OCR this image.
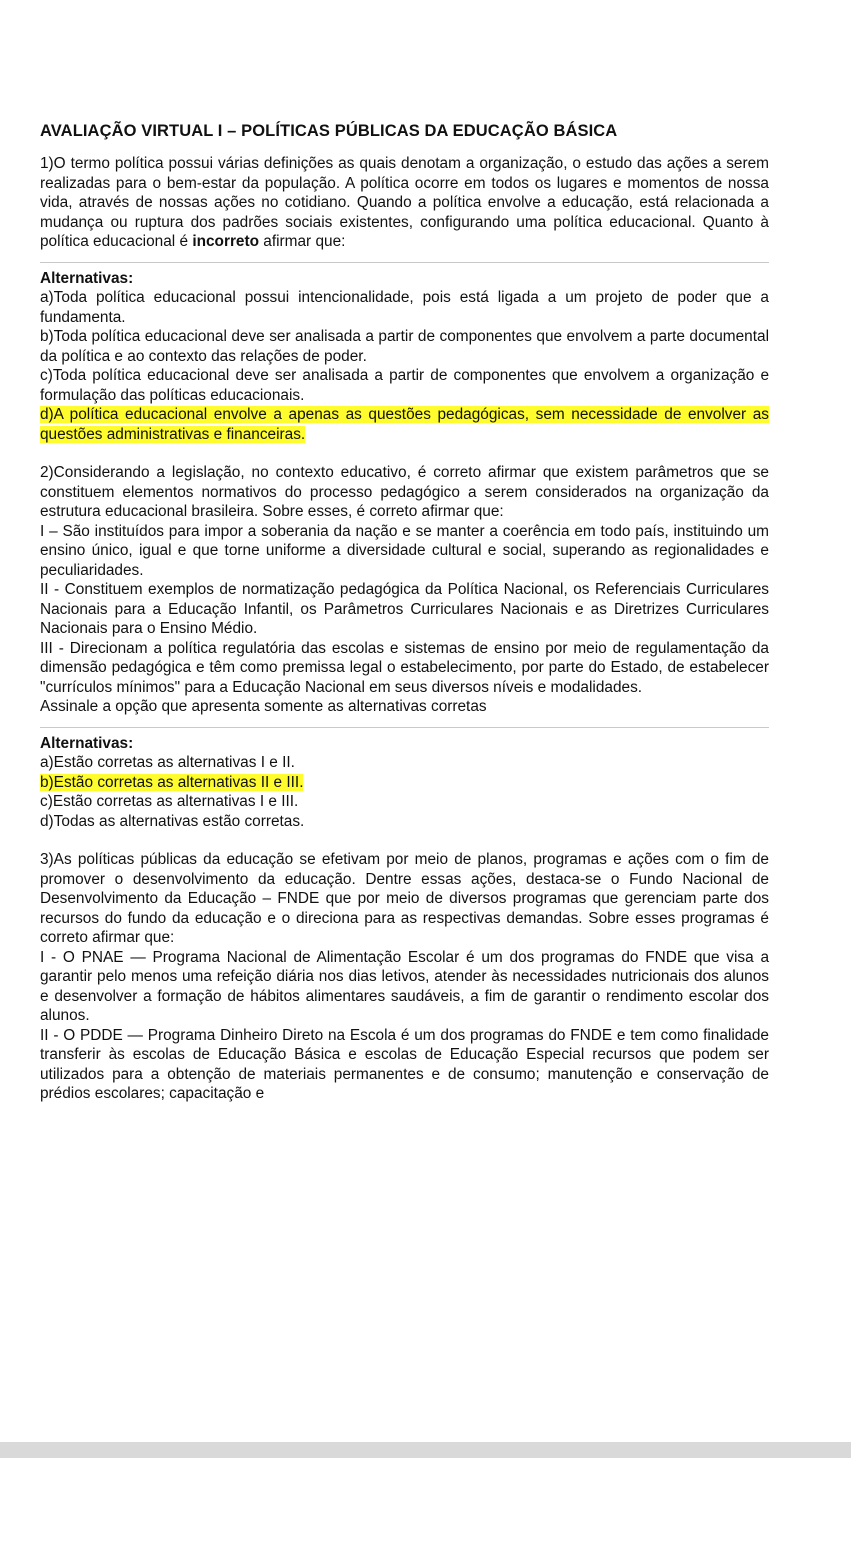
AVALIAÇÃO VIRTUAL I – POLÍTICAS PÚBLICAS DA EDUCAÇÃO BÁSICA

1)O termo política possui várias definições as quais denotam a organização, o estudo das ações a serem realizadas para o bem-estar da população. A política ocorre em todos os lugares e momentos de nossa vida, através de nossas ações no cotidiano. Quando a política envolve a educação, está relacionada a mudança ou ruptura dos padrões sociais existentes, configurando uma política educacional. Quanto à política educacional é incorreto afirmar que:

Alternativas:

a)Toda política educacional possui intencionalidade, pois está ligada a um projeto de poder que a fundamenta.

b)Toda política educacional deve ser analisada a partir de componentes que envolvem a parte documental da política e ao contexto das relações de poder.

c)Toda política educacional deve ser analisada a partir de componentes que envolvem a organização e formulação das políticas educacionais.

d)A política educacional envolve a apenas as questões pedagógicas, sem necessidade de envolver as questões administrativas e financeiras.

2)Considerando a legislação, no contexto educativo, é correto afirmar que existem parâmetros que se constituem elementos normativos do processo pedagógico a serem considerados na organização da estrutura educacional brasileira. Sobre esses, é correto afirmar que:

I – São instituídos para impor a soberania da nação e se manter a coerência em todo país, instituindo um ensino único, igual e que torne uniforme a diversidade cultural e social, superando as regionalidades e peculiaridades.

II - Constituem exemplos de normatização pedagógica da Política Nacional, os Referenciais Curriculares Nacionais para a Educação Infantil, os Parâmetros Curriculares Nacionais e as Diretrizes Curriculares Nacionais para o Ensino Médio.

III - Direcionam a política regulatória das escolas e sistemas de ensino por meio de regulamentação da dimensão pedagógica e têm como premissa legal o estabelecimento, por parte do Estado, de estabelecer "currículos mínimos" para a Educação Nacional em seus diversos níveis e modalidades.

Assinale a opção que apresenta somente as alternativas corretas

Alternativas:

a)Estão corretas as alternativas I e II.

b)Estão corretas as alternativas II e III.

c)Estão corretas as alternativas I e III.

d)Todas as alternativas estão corretas.

3)As políticas públicas da educação se efetivam por meio de planos, programas e ações com o fim de promover o desenvolvimento da educação. Dentre essas ações, destaca-se o Fundo Nacional de Desenvolvimento da Educação – FNDE que por meio de diversos programas que gerenciam parte dos recursos do fundo da educação e o direciona para as respectivas demandas. Sobre esses programas é correto afirmar que:

I - O PNAE — Programa Nacional de Alimentação Escolar é um dos programas do FNDE que visa a garantir pelo menos uma refeição diária nos dias letivos, atender às necessidades nutricionais dos alunos e desenvolver a formação de hábitos alimentares saudáveis, a fim de garantir o rendimento escolar dos alunos.

II - O PDDE — Programa Dinheiro Direto na Escola é um dos programas do FNDE e tem como finalidade transferir às escolas de Educação Básica e escolas de Educação Especial recursos que podem ser utilizados para a obtenção de materiais permanentes e de consumo; manutenção e conservação de prédios escolares; capacitação e
